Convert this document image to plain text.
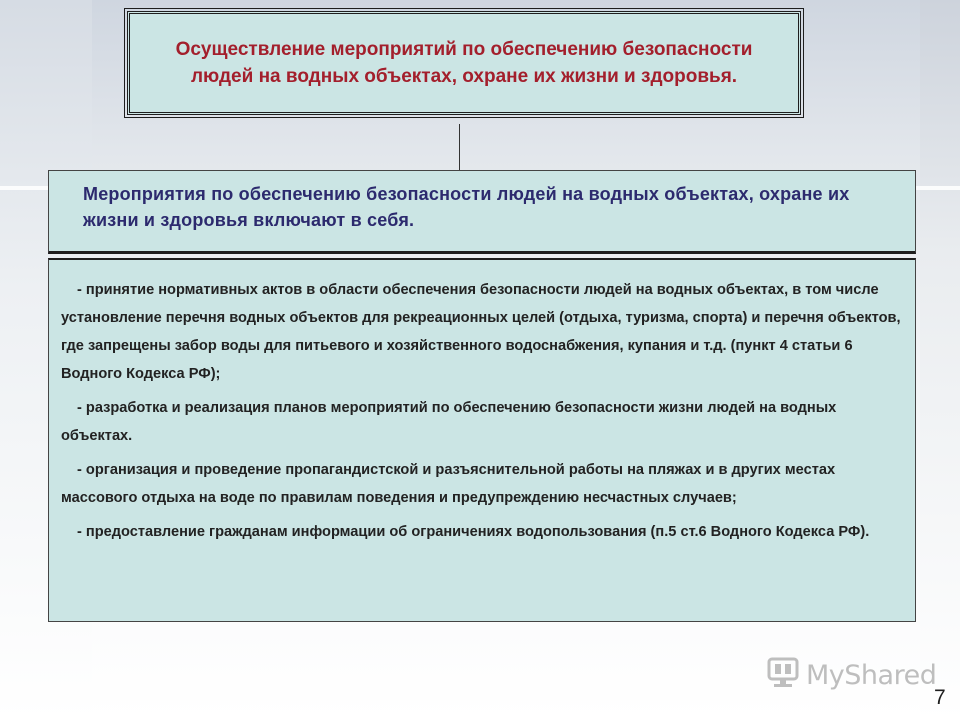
Осуществление мероприятий по обеспечению безопасности людей на водных объектах, охране их жизни и здоровья.
Мероприятия по обеспечению безопасности людей на водных объектах, охране их жизни и здоровья включают в себя.

- принятие нормативных актов в области обеспечения безопасности людей на водных объектах, в том числе установление перечня водных объектов для рекреационных целей (отдыха, туризма, спорта) и перечня объектов, где запрещены забор воды для питьевого и хозяйственного водоснабжения, купания и т.д. (пункт 4 статьи 6 Водного Кодекса РФ);

- разработка и реализация планов мероприятий по обеспечению безопасности жизни людей на водных объектах.

- организация и проведение пропагандистской и разъяснительной работы на пляжах и в других местах массового отдыха на воде по правилам поведения и предупреждению несчастных случаев;

- предоставление гражданам информации об ограничениях водопользования (п.5 ст.6 Водного Кодекса РФ).

MyShared
7
